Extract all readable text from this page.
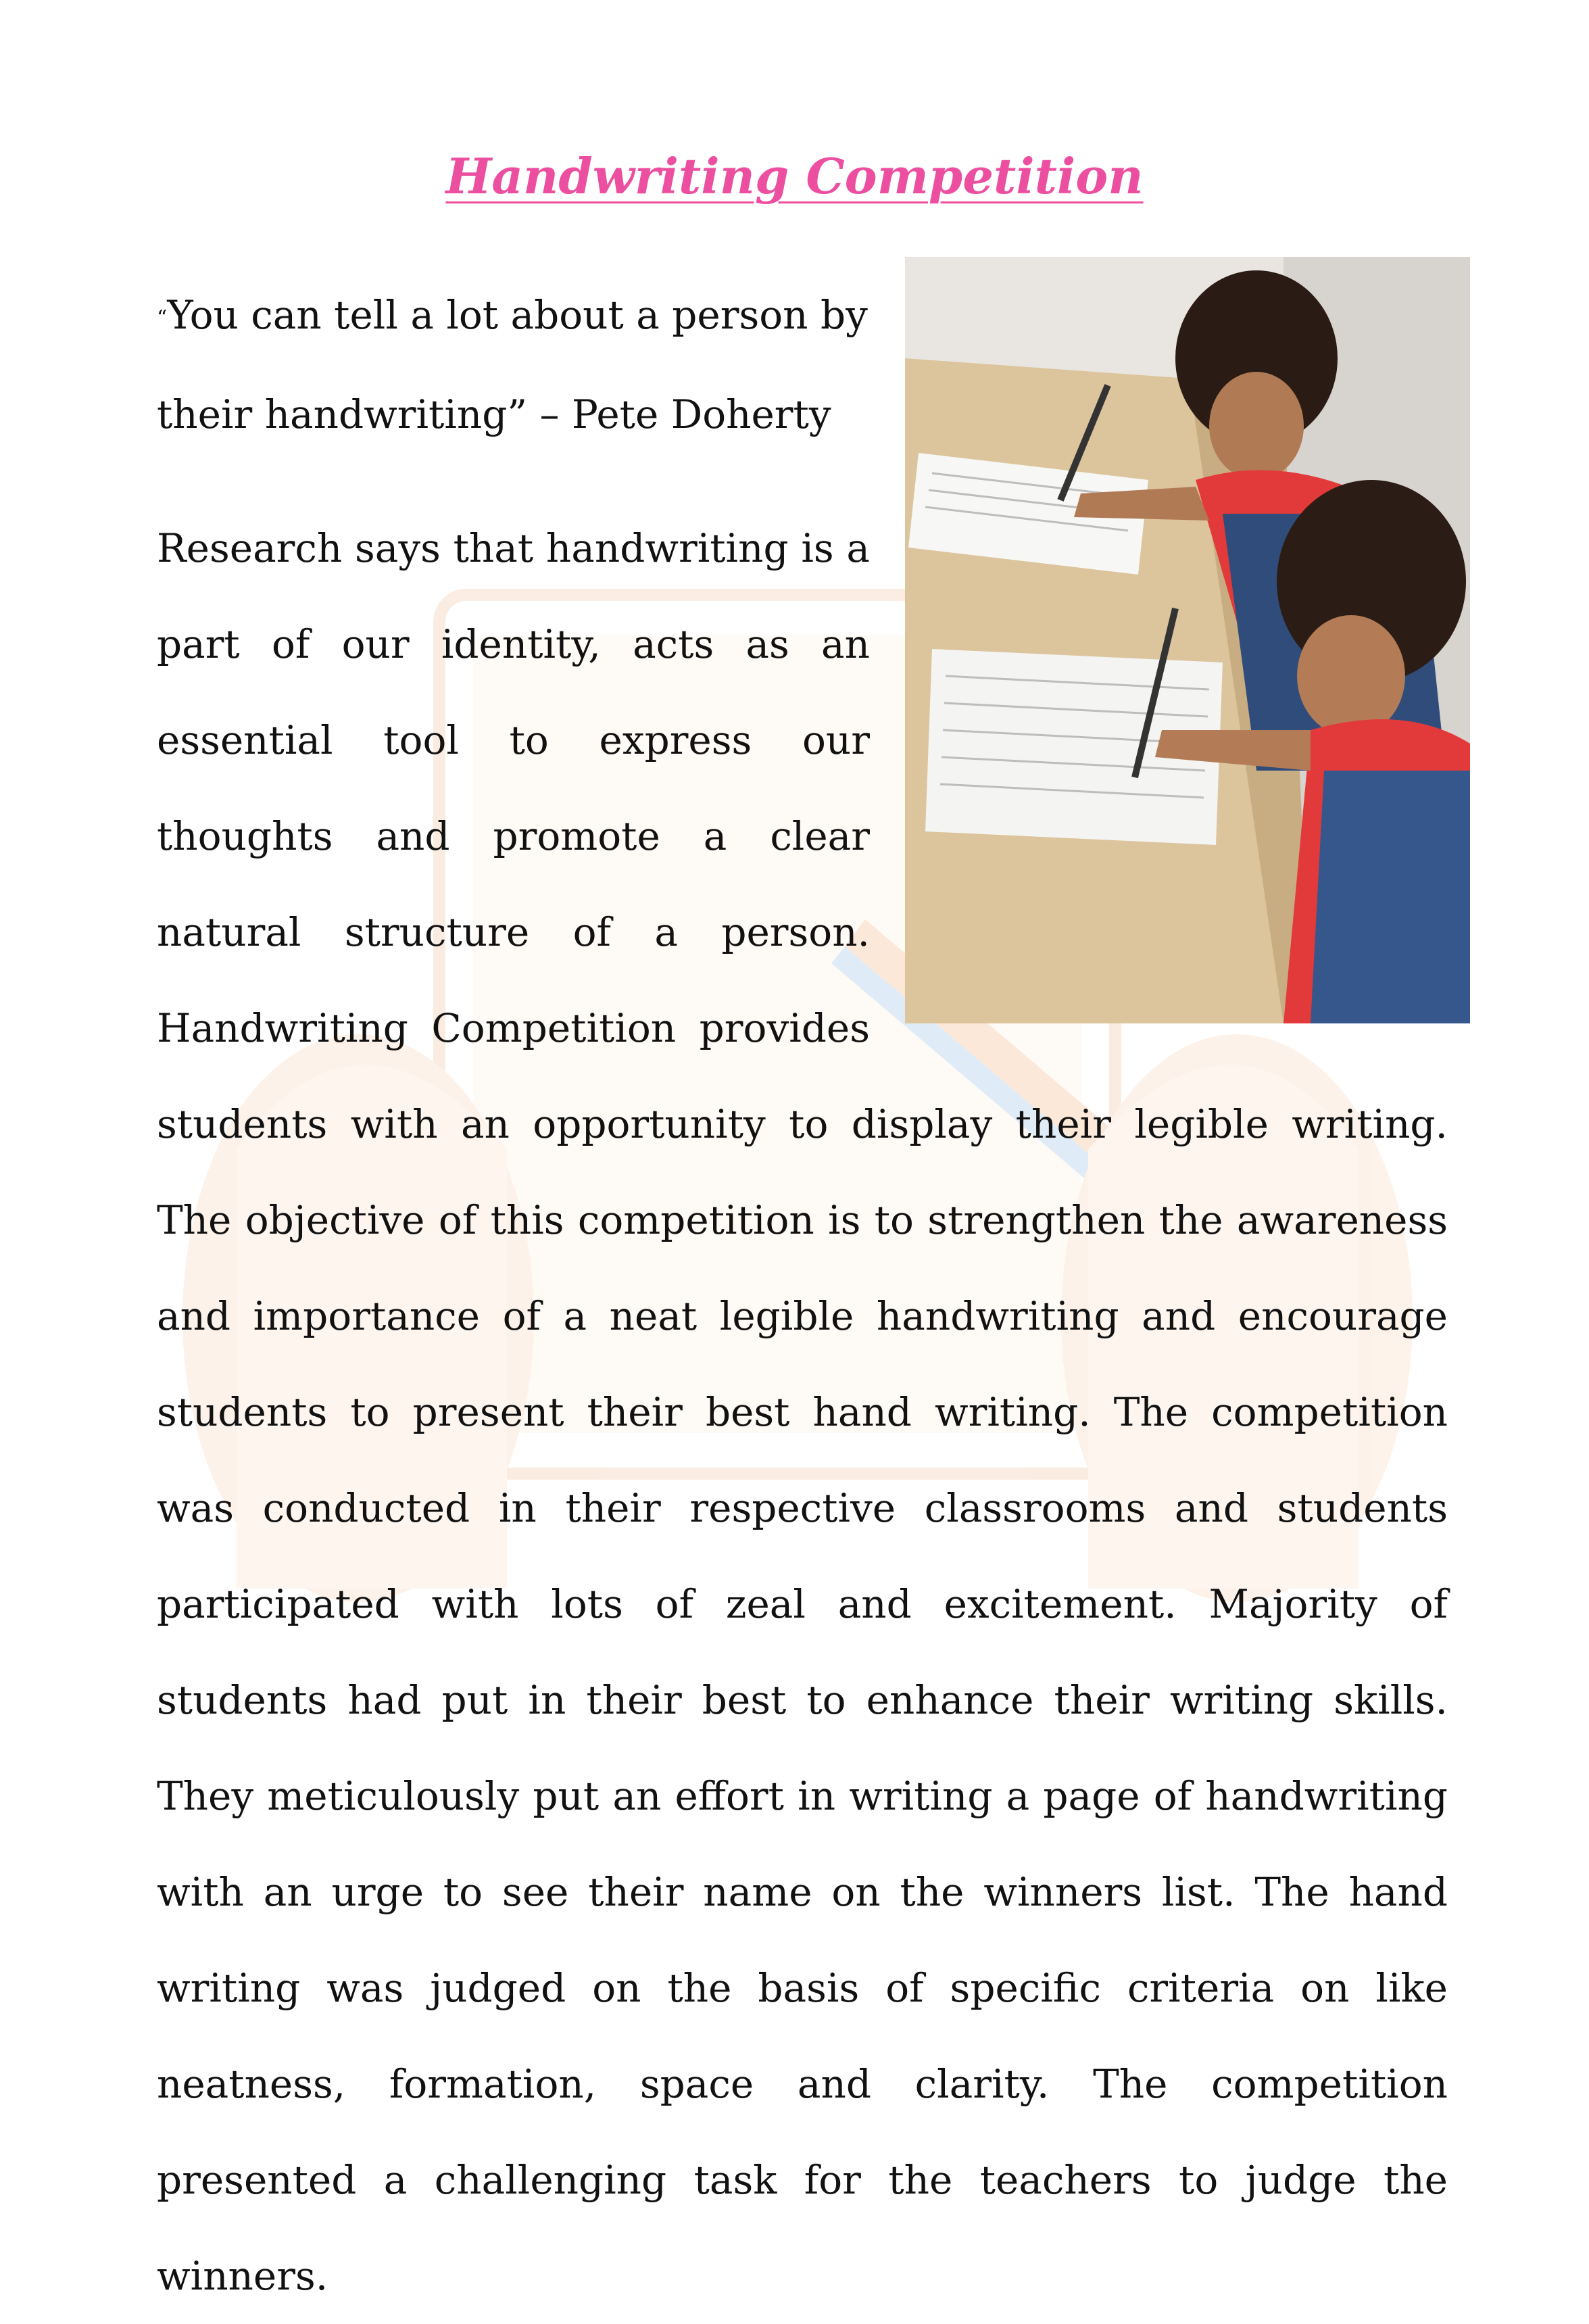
Handwriting Competition

“You can tell a lot about a person by their handwriting” – Pete Doherty

Research says that handwriting is a part of our identity, acts as an essential tool to express our thoughts and promote a clear natural structure of a person. Handwriting Competition provides students with an opportunity to display their legible writing. The objective of this competition is to strengthen the awareness and importance of a neat legible handwriting and encourage students to present their best hand writing. The competition was conducted in their respective classrooms and students participated with lots of zeal and excitement. Majority of students had put in their best to enhance their writing skills. They meticulously put an effort in writing a page of handwriting with an urge to see their name on the winners list. The hand writing was judged on the basis of specific criteria on like neatness, formation, space and clarity. The competition presented a challenging task for the teachers to judge the winners.
